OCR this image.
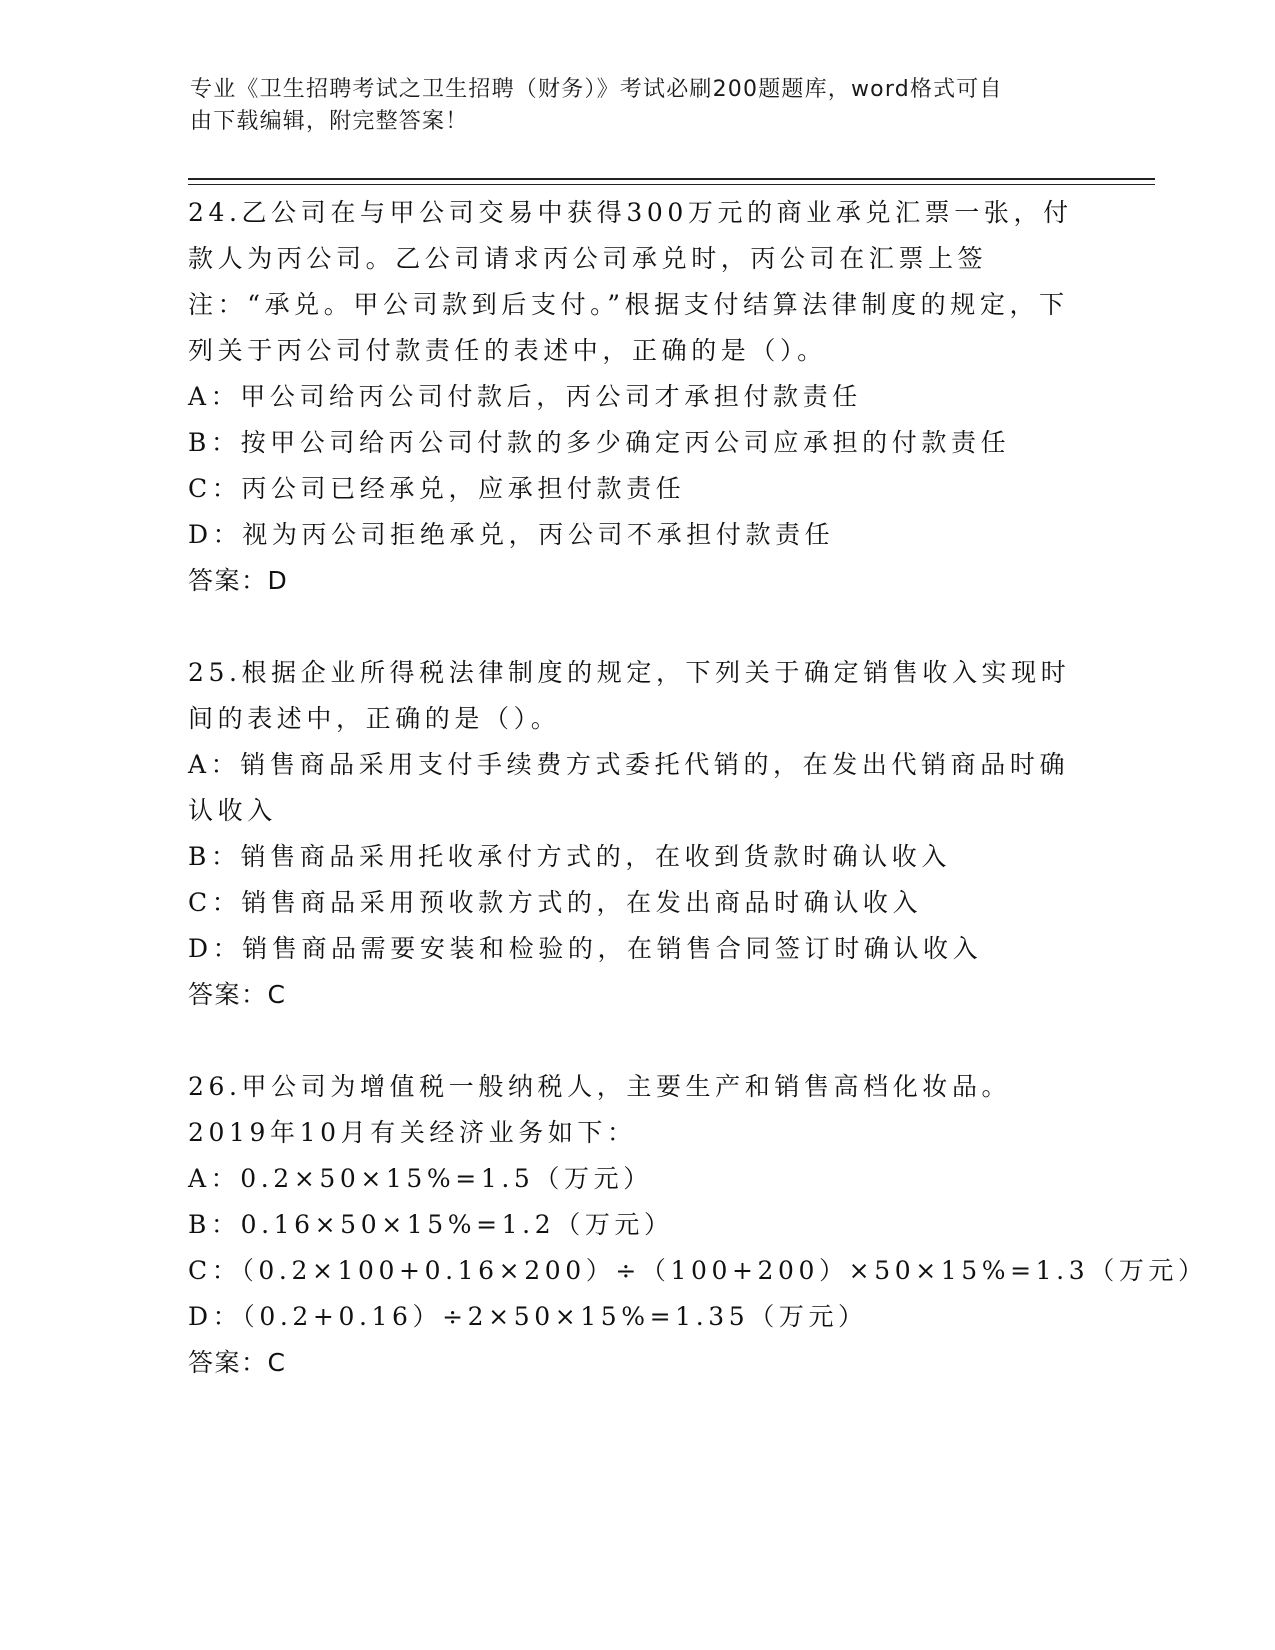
专业《卫生招聘考试之卫生招聘（财务）》考试必刷200题题库，word格式可自
由下载编辑，附完整答案！

24.乙公司在与甲公司交易中获得300万元的商业承兑汇票一张，付款人为丙公司。乙公司请求丙公司承兑时，丙公司在汇票上签注：“承兑。甲公司款到后支付。”根据支付结算法律制度的规定，下列关于丙公司付款责任的表述中，正确的是（）。

A：甲公司给丙公司付款后，丙公司才承担付款责任

B：按甲公司给丙公司付款的多少确定丙公司应承担的付款责任

C：丙公司已经承兑，应承担付款责任

D：视为丙公司拒绝承兑，丙公司不承担付款责任

答案：D

25.根据企业所得税法律制度的规定，下列关于确定销售收入实现时间的表述中，正确的是（）。

A：销售商品采用支付手续费方式委托代销的，在发出代销商品时确认收入

B：销售商品采用托收承付方式的，在收到货款时确认收入

C：销售商品采用预收款方式的，在发出商品时确认收入

D：销售商品需要安装和检验的，在销售合同签订时确认收入

答案：C

26.甲公司为增值税一般纳税人，主要生产和销售高档化妆品。2019年10月有关经济业务如下：

A：0.2×50×15%=1.5（万元）

B：0.16×50×15%=1.2（万元）

C：（0.2×100+0.16×200）÷（100+200）×50×15%=1.3（万元）

D：（0.2+0.16）÷2×50×15%=1.35（万元）

答案：C
